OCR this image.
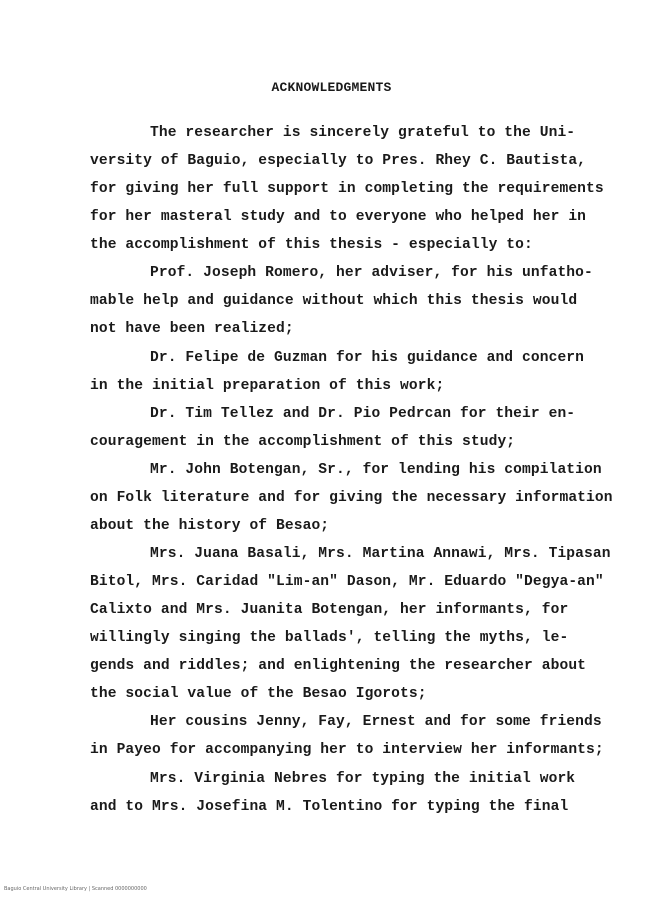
ACKNOWLEDGMENTS
The researcher is sincerely grateful to the Uni-
versity of Baguio, especially to Pres. Rhey C. Bautista,
for giving her full support in completing the requirements
for her masteral study and to everyone who helped her in
the accomplishment of this thesis - especially to:
Prof. Joseph Romero, her adviser, for his unfatho-
mable help and guidance without which this thesis would
not have been realized;
Dr. Felipe de Guzman for his guidance and concern
in the initial preparation of this work;
Dr. Tim Tellez and Dr. Pio Pedrcan for their en-
couragement in the accomplishment of this study;
Mr. John Botengan, Sr., for lending his compilation
on Folk literature and for giving the necessary information
about the history of Besao;
Mrs. Juana Basali, Mrs. Martina Annawi, Mrs. Tipasan
Bitol, Mrs. Caridad "Lim-an" Dason, Mr. Eduardo "Degya-an"
Calixto and Mrs. Juanita Botengan, her informants, for
willingly singing the ballads', telling the myths, le-
gends and riddles; and enlightening the researcher about
the social value of the Besao Igorots;
Her cousins Jenny, Fay, Ernest and for some friends
in Payeo for accompanying her to interview her informants;
Mrs. Virginia Nebres for typing the initial work
and to Mrs. Josefina M. Tolentino for typing the final
Baguio Central University Library | Scanned 0000000000
